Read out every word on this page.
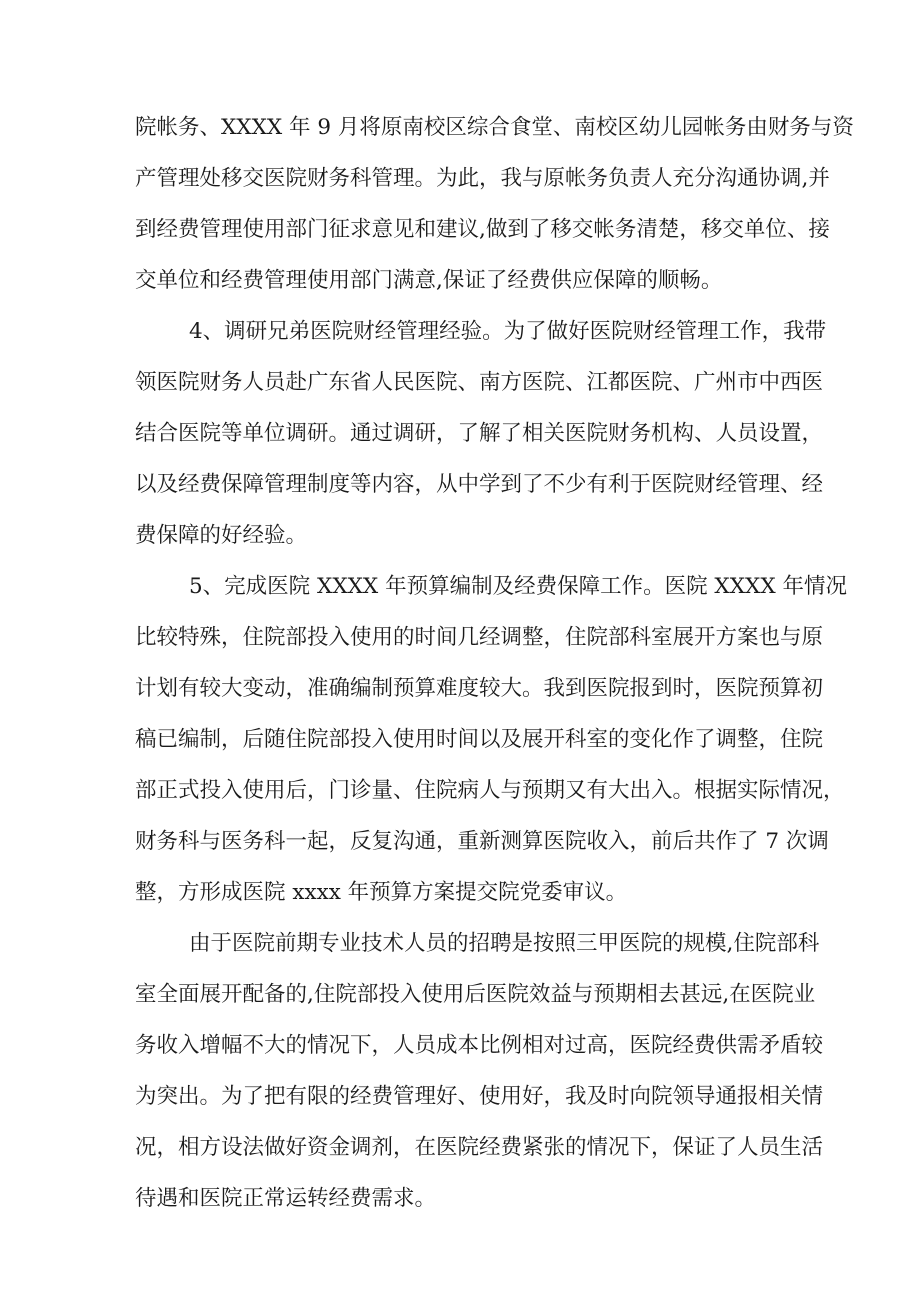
院帐务、XXXX 年 9 月将原南校区综合食堂、南校区幼儿园帐务由财务与资
产管理处移交医院财务科管理。为此，我与原帐务负责人充分沟通协调,并
到经费管理使用部门征求意见和建议,做到了移交帐务清楚，移交单位、接
交单位和经费管理使用部门满意,保证了经费供应保障的顺畅。
4、调研兄弟医院财经管理经验。为了做好医院财经管理工作，我带
领医院财务人员赴广东省人民医院、南方医院、江都医院、广州市中西医
结合医院等单位调研。通过调研，了解了相关医院财务机构、人员设置，
以及经费保障管理制度等内容，从中学到了不少有利于医院财经管理、经
费保障的好经验。
5、完成医院 XXXX 年预算编制及经费保障工作。医院 XXXX 年情况
比较特殊，住院部投入使用的时间几经调整，住院部科室展开方案也与原
计划有较大变动，准确编制预算难度较大。我到医院报到时，医院预算初
稿已编制，后随住院部投入使用时间以及展开科室的变化作了调整，住院
部正式投入使用后，门诊量、住院病人与预期又有大出入。根据实际情况，
财务科与医务科一起，反复沟通，重新测算医院收入，前后共作了 7 次调
整，方形成医院 xxxx 年预算方案提交院党委审议。
由于医院前期专业技术人员的招聘是按照三甲医院的规模,住院部科
室全面展开配备的,住院部投入使用后医院效益与预期相去甚远,在医院业
务收入增幅不大的情况下，人员成本比例相对过高，医院经费供需矛盾较
为突出。为了把有限的经费管理好、使用好，我及时向院领导通报相关情
况，相方设法做好资金调剂，在医院经费紧张的情况下，保证了人员生活
待遇和医院正常运转经费需求。
